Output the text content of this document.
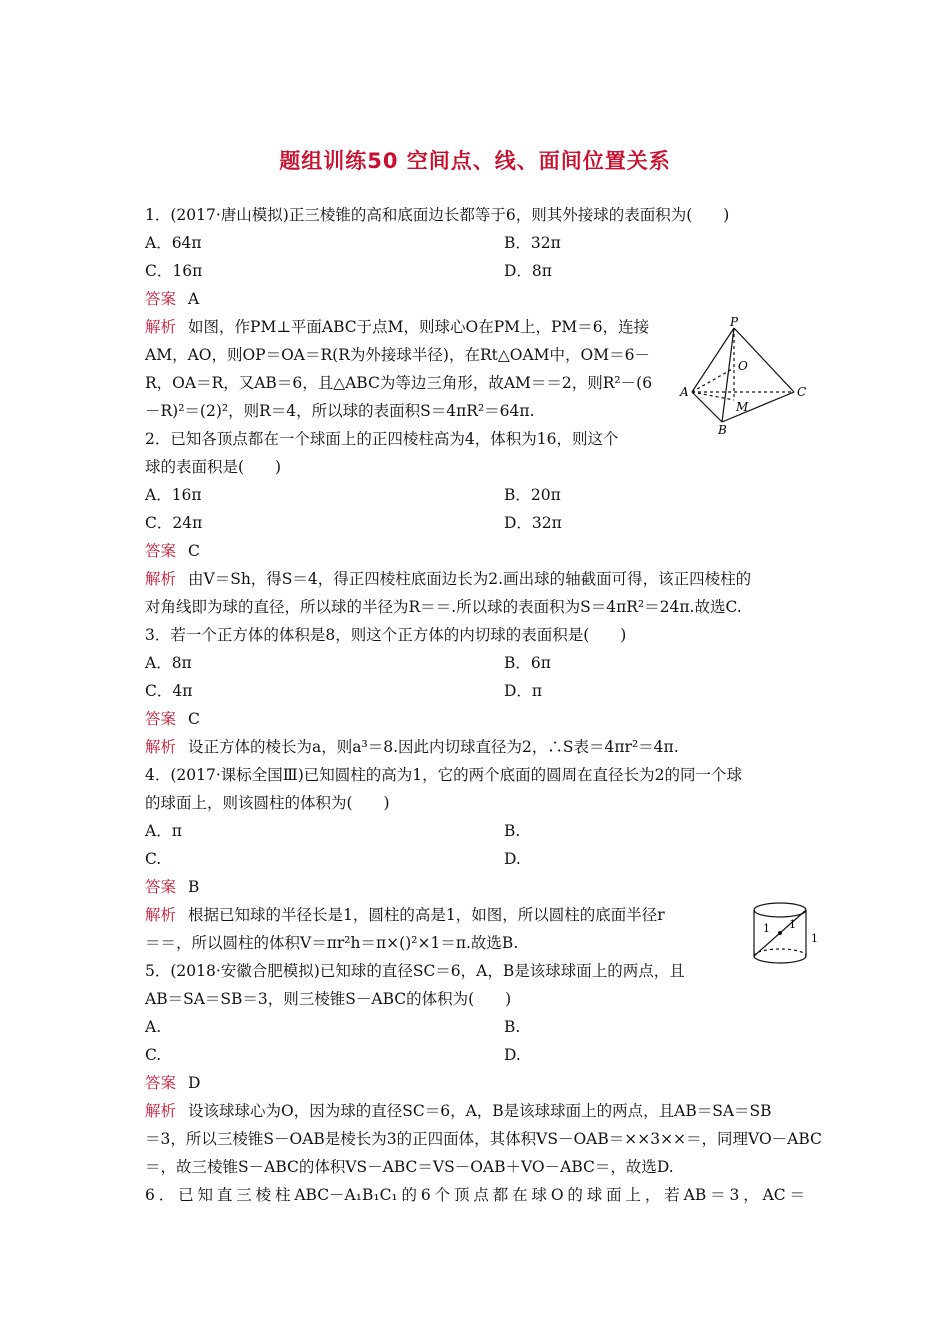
题组训练50 空间点、线、面间位置关系
1．(2017·唐山模拟)正三棱锥的高和底面边长都等于6，则其外接球的表面积为(　　)
A．64π	B．32π
C．16π	D．8π
答案 A
解析 如图，作PM⊥平面ABC于点M，则球心O在PM上，PM＝6，连接
AM，AO，则OP＝OA＝R(R为外接球半径)，在Rt△OAM中，OM＝6－
R，OA＝R，又AB＝6，且△ABC为等边三角形，故AM＝＝2，则R²－(6
－R)²＝(2)²，则R＝4，所以球的表面积S＝4πR²＝64π.
P
O
A	C
M
B
2．已知各顶点都在一个球面上的正四棱柱高为4，体积为16，则这个
球的表面积是(　　)
A．16π	B．20π
C．24π	D．32π
答案 C
解析 由V＝Sh，得S＝4，得正四棱柱底面边长为2.画出球的轴截面可得，该正四棱柱的
对角线即为球的直径，所以球的半径为R＝＝.所以球的表面积为S＝4πR²＝24π.故选C.
3．若一个正方体的体积是8，则这个正方体的内切球的表面积是(　　)
A．8π	B．6π
C．4π	D．π
答案 C
解析 设正方体的棱长为a，则a³＝8.因此内切球直径为2，∴S表＝4πr²＝4π.
4．(2017·课标全国Ⅲ)已知圆柱的高为1，它的两个底面的圆周在直径长为2的同一个球
的球面上，则该圆柱的体积为(　　)
A．π	B.
C.	D.
答案 B
解析 根据已知球的半径长是1，圆柱的高是1，如图，所以圆柱的底面半径r
＝＝，所以圆柱的体积V＝πr²h＝π×()²×1＝π.故选B.
1 1
1
5．(2018·安徽合肥模拟)已知球的直径SC＝6，A，B是该球球面上的两点，且
AB＝SA＝SB＝3，则三棱锥S－ABC的体积为(　　)
A.	B.
C.	D.
答案 D
解析 设该球球心为O，因为球的直径SC＝6，A，B是该球球面上的两点，且AB＝SA＝SB
＝3，所以三棱锥S－OAB是棱长为3的正四面体，其体积VS－OAB＝××3××＝，同理VO－ABC
＝，故三棱锥S－ABC的体积VS－ABC＝VS－OAB＋VO－ABC＝，故选D.
6．已知直三棱柱ABC－A₁B₁C₁的6个顶点都在球O的球面上，若AB＝3，AC＝
